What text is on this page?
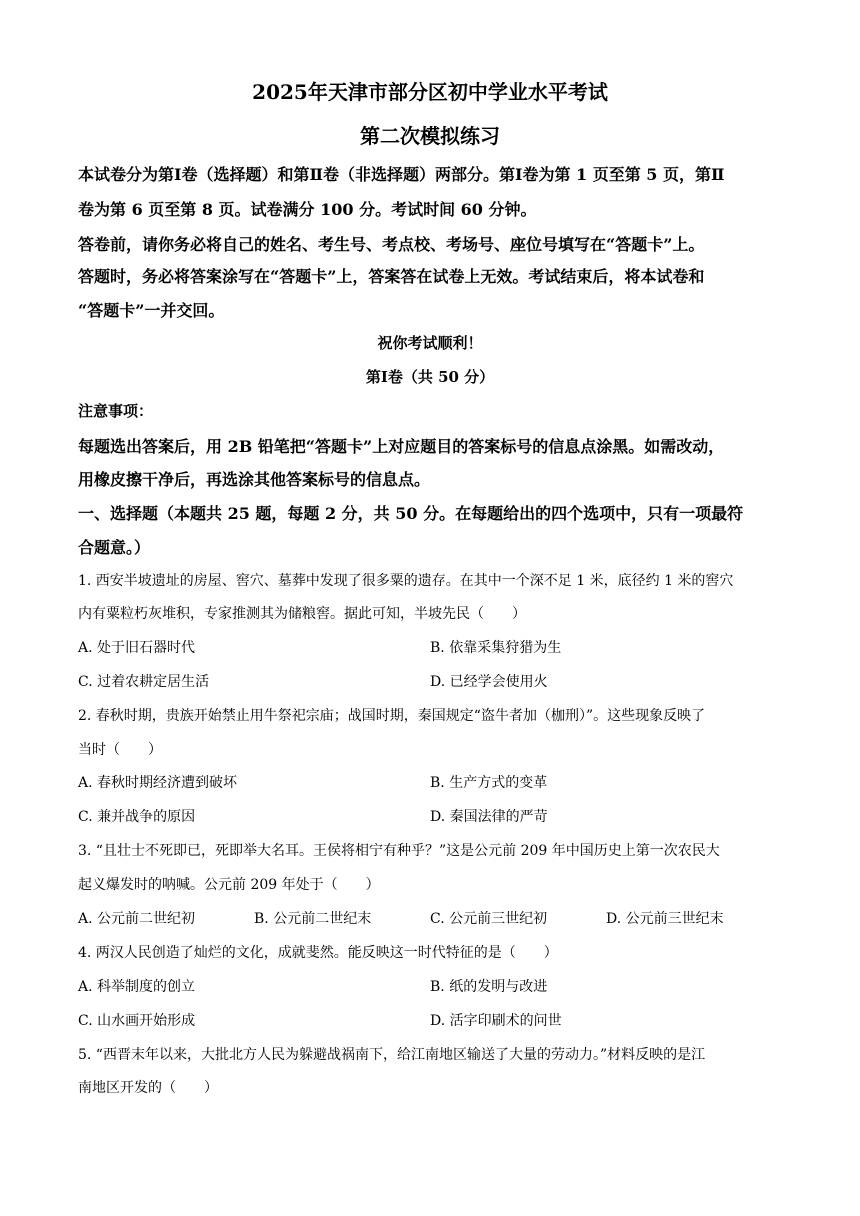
2025年天津市部分区初中学业水平考试
第二次模拟练习
本试卷分为第Ⅰ卷（选择题）和第Ⅱ卷（非选择题）两部分。第Ⅰ卷为第 1 页至第 5 页，第Ⅱ
卷为第 6 页至第 8 页。试卷满分 100 分。考试时间 60 分钟。
答卷前，请你务必将自己的姓名、考生号、考点校、考场号、座位号填写在“答题卡”上。
答题时，务必将答案涂写在“答题卡”上，答案答在试卷上无效。考试结束后，将本试卷和
“答题卡”一并交回。
祝你考试顺利！
第Ⅰ卷（共 50 分）
注意事项：
每题选出答案后，用 2B 铅笔把“答题卡”上对应题目的答案标号的信息点涂黑。如需改动，
用橡皮擦干净后，再选涂其他答案标号的信息点。
一、选择题（本题共 25 题，每题 2 分，共 50 分。在每题给出的四个选项中，只有一项最符
合题意。）
1. 西安半坡遗址的房屋、窖穴、墓葬中发现了很多粟的遗存。在其中一个深不足 1 米，底径约 1 米的窖穴
内有粟粒朽灰堆积，专家推测其为储粮窖。据此可知，半坡先民（　　）
A. 处于旧石器时代	B. 依靠采集狩猎为生
C. 过着农耕定居生活	D. 已经学会使用火
2. 春秋时期，贵族开始禁止用牛祭祀宗庙；战国时期，秦国规定“盗牛者加（枷刑）”。这些现象反映了
当时（　　）
A. 春秋时期经济遭到破坏	B. 生产方式的变革
C. 兼并战争的原因	D. 秦国法律的严苛
3. “且壮士不死即已，死即举大名耳。王侯将相宁有种乎？”这是公元前 209 年中国历史上第一次农民大
起义爆发时的呐喊。公元前 209 年处于（　　）
A. 公元前二世纪初	B. 公元前二世纪末	C. 公元前三世纪初	D. 公元前三世纪末
4. 两汉人民创造了灿烂的文化，成就斐然。能反映这一时代特征的是（　　）
A. 科举制度的创立	B. 纸的发明与改进
C. 山水画开始形成	D. 活字印刷术的问世
5. “西晋末年以来，大批北方人民为躲避战祸南下，给江南地区输送了大量的劳动力。”材料反映的是江
南地区开发的（　　）
